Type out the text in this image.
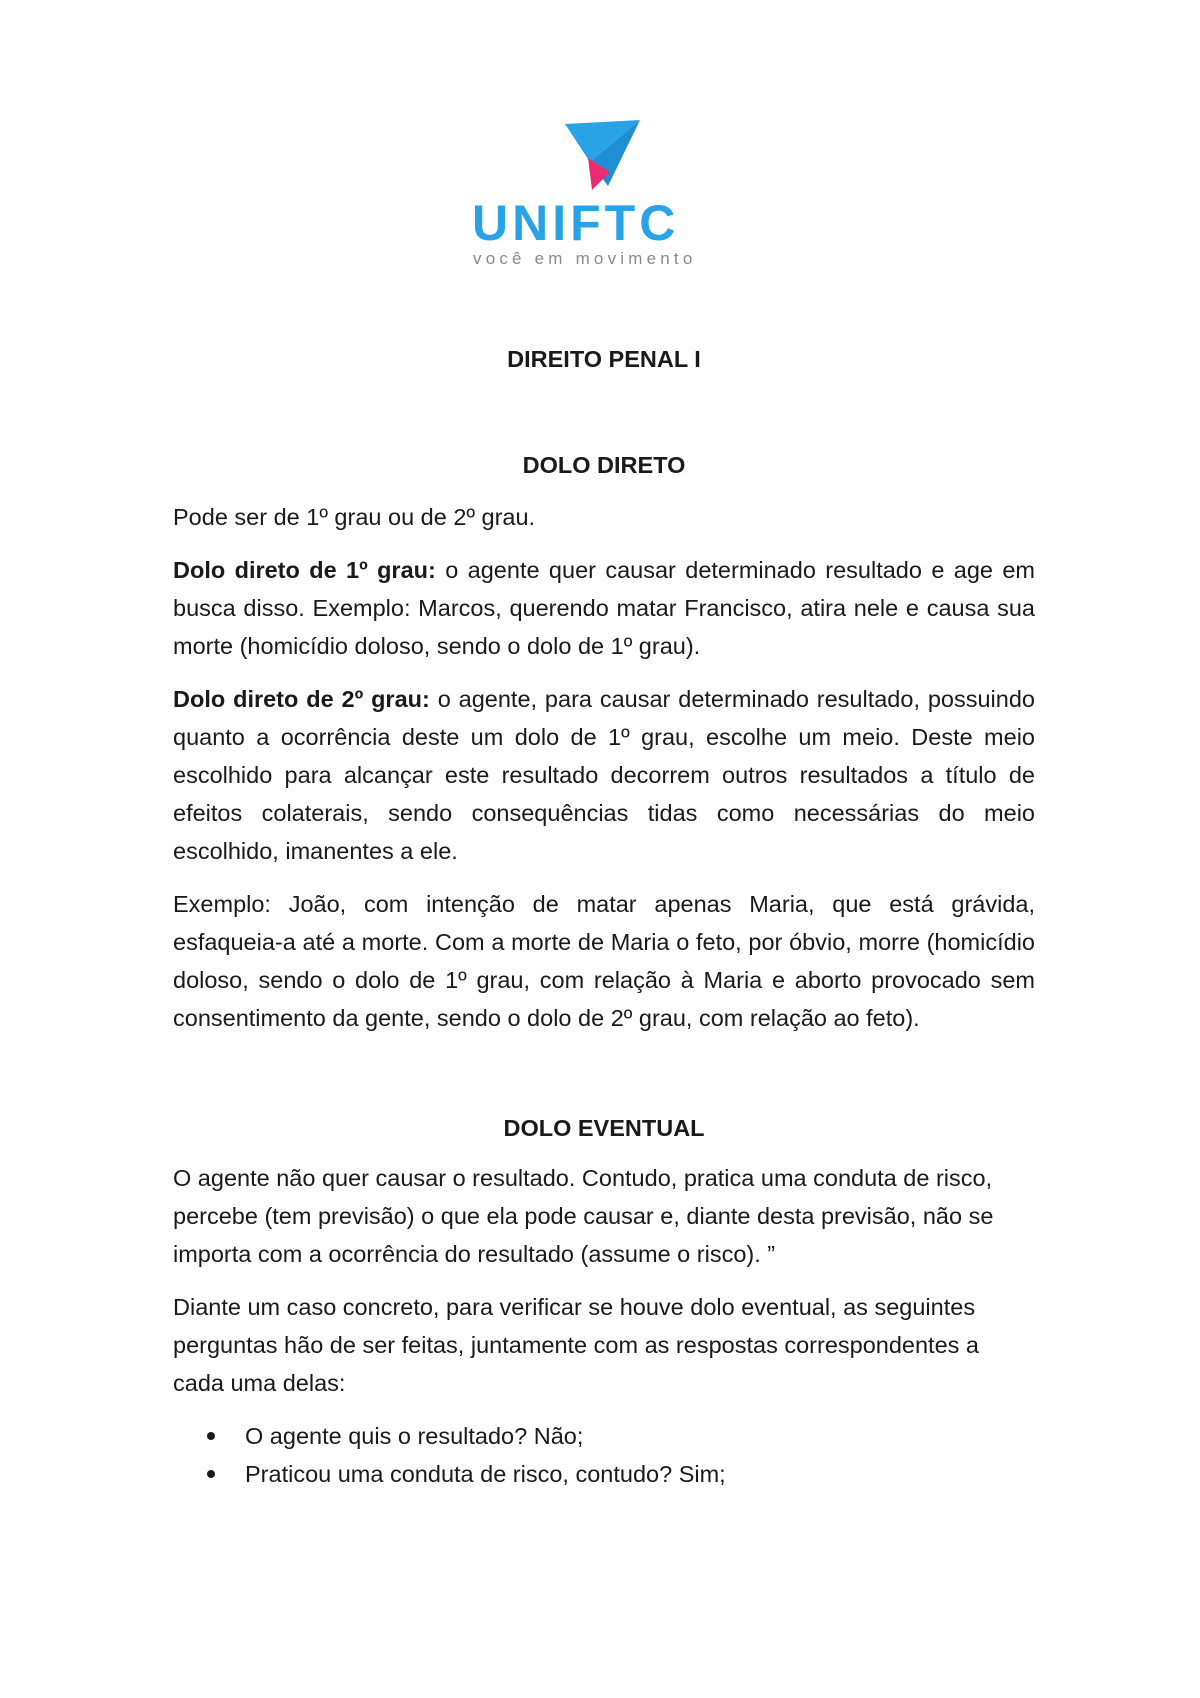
UNIFTC
você em movimento
DIREITO PENAL I
DOLO DIRETO

Pode ser de 1º grau ou de 2º grau.

Dolo direto de 1º grau: o agente quer causar determinado resultado e age em busca disso. Exemplo: Marcos, querendo matar Francisco, atira nele e causa sua morte (homicídio doloso, sendo o dolo de 1º grau).

Dolo direto de 2º grau: o agente, para causar determinado resultado, possuindo quanto a ocorrência deste um dolo de 1º grau, escolhe um meio. Deste meio escolhido para alcançar este resultado decorrem outros resultados a título de efeitos colaterais, sendo consequências tidas como necessárias do meio escolhido, imanentes a ele.

Exemplo: João, com intenção de matar apenas Maria, que está grávida, esfaqueia-a até a morte. Com a morte de Maria o feto, por óbvio, morre (homicídio doloso, sendo o dolo de 1º grau, com relação à Maria e aborto provocado sem consentimento da gente, sendo o dolo de 2º grau, com relação ao feto).

DOLO EVENTUAL

O agente não quer causar o resultado. Contudo, pratica uma conduta de risco, percebe (tem previsão) o que ela pode causar e, diante desta previsão, não se importa com a ocorrência do resultado (assume o risco). ”

Diante um caso concreto, para verificar se houve dolo eventual, as seguintes perguntas hão de ser feitas, juntamente com as respostas correspondentes a cada uma delas:

O agente quis o resultado? Não;
Praticou uma conduta de risco, contudo? Sim;
